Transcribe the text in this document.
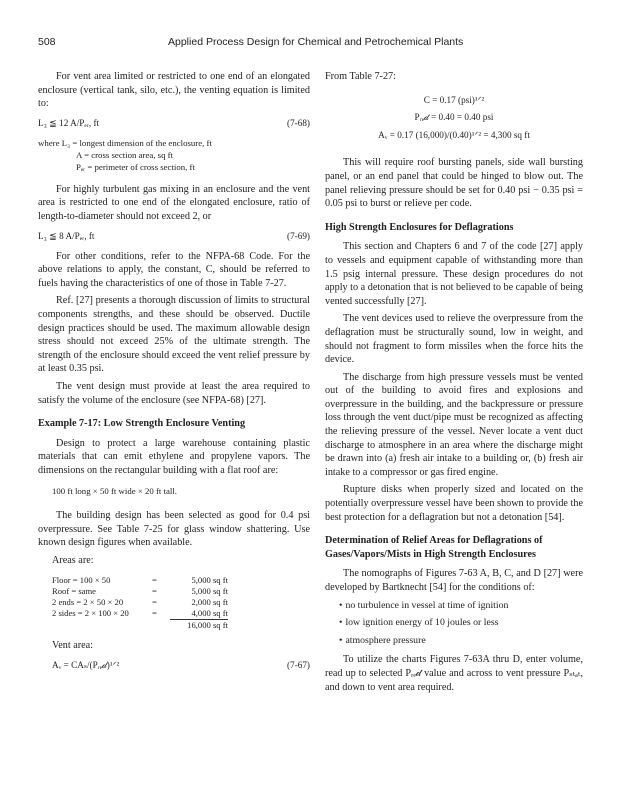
508	Applied Process Design for Chemical and Petrochemical Plants

For vent area limited or restricted to one end of an elongated enclosure (vertical tank, silo, etc.), the venting equation is limited to:

L₃ ≦ 12 A/Pₑᵣ, ft	(7-68)
where L₃ = longest dimension of the enclosure, ft
A = cross section area, sq ft
Pₑᵣ = perimeter of cross section, ft

For highly turbulent gas mixing in an enclosure and the vent area is restricted to one end of the elongated enclosure, ratio of length-to-diameter should not exceed 2, or

L₃ ≦ 8 A/Pₑᵣ, ft	(7-69)

For other conditions, refer to the NFPA-68 Code. For the above relations to apply, the constant, C, should be referred to fuels having the characteristics of one of those in Table 7-27.

Ref. [27] presents a thorough discussion of limits to structural components strengths, and these should be observed. Ductile design practices should be used. The maximum allowable design stress should not exceed 25% of the ultimate strength. The strength of the enclosure should exceed the vent relief pressure by at least 0.35 psi.

The vent design must provide at least the area required to satisfy the volume of the enclosure (see NFPA-68) [27].

Example 7-17: Low Strength Enclosure Venting

Design to protect a large warehouse containing plastic materials that can emit ethylene and propylene vapors. The dimensions on the rectangular building with a flat roof are:

100 ft long × 50 ft wide × 20 ft tall.

The building design has been selected as good for 0.4 psi overpressure. See Table 7-25 for glass window shattering. Use known design figures when available.

Areas are:
Floor = 100 × 50	=	5,000 sq ft
Roof = same	=	5,000 sq ft
2 ends = 2 × 50 × 20	=	2,000 sq ft
2 sides = 2 × 100 × 20	=	4,000 sq ft
16,000 sq ft
Vent area:
Aᵥ = CAₛ/(Pᵣₑ𝒹)¹ᐟ²	(7-67)

From Table 7-27:

C = 0.17 (psi)¹ᐟ²
Pᵣₑ𝒹 = 0.40 = 0.40 psi
Aᵥ = 0.17 (16,000)/(0.40)¹ᐟ² = 4,300 sq ft

This will require roof bursting panels, side wall bursting panel, or an end panel that could be hinged to blow out. The panel relieving pressure should be set for 0.40 psi − 0.35 psi = 0.05 psi to burst or relieve per code.

High Strength Enclosures for Deflagrations

This section and Chapters 6 and 7 of the code [27] apply to vessels and equipment capable of withstanding more than 1.5 psig internal pressure. These design procedures do not apply to a detonation that is not believed to be capable of being vented successfully [27].

The vent devices used to relieve the overpressure from the deflagration must be structurally sound, low in weight, and should not fragment to form missiles when the force hits the device.

The discharge from high pressure vessels must be vented out of the building to avoid fires and explosions and overpressure in the building, and the backpressure or pressure loss through the vent duct/pipe must be recognized as affecting the relieving pressure of the vessel. Never locate a vent duct discharge to atmosphere in an area where the discharge might be drawn into (a) fresh air intake to a building or, (b) fresh air intake to a compressor or gas fired engine.

Rupture disks when properly sized and located on the potentially overpressure vessel have been shown to provide the best protection for a deflagration but not a detonation [54].

Determination of Relief Areas for Deflagrations of Gases/Vapors/Mists in High Strength Enclosures

The nomographs of Figures 7-63 A, B, C, and D [27] were developed by Bartknecht [54] for the conditions of:

• no turbulence in vessel at time of ignition
• low ignition energy of 10 joules or less
• atmosphere pressure

To utilize the charts Figures 7-63A thru D, enter volume, read up to selected Pᵣₑ𝒹 value and across to vent pressure Pₛₜₐₜ, and down to vent area required.
